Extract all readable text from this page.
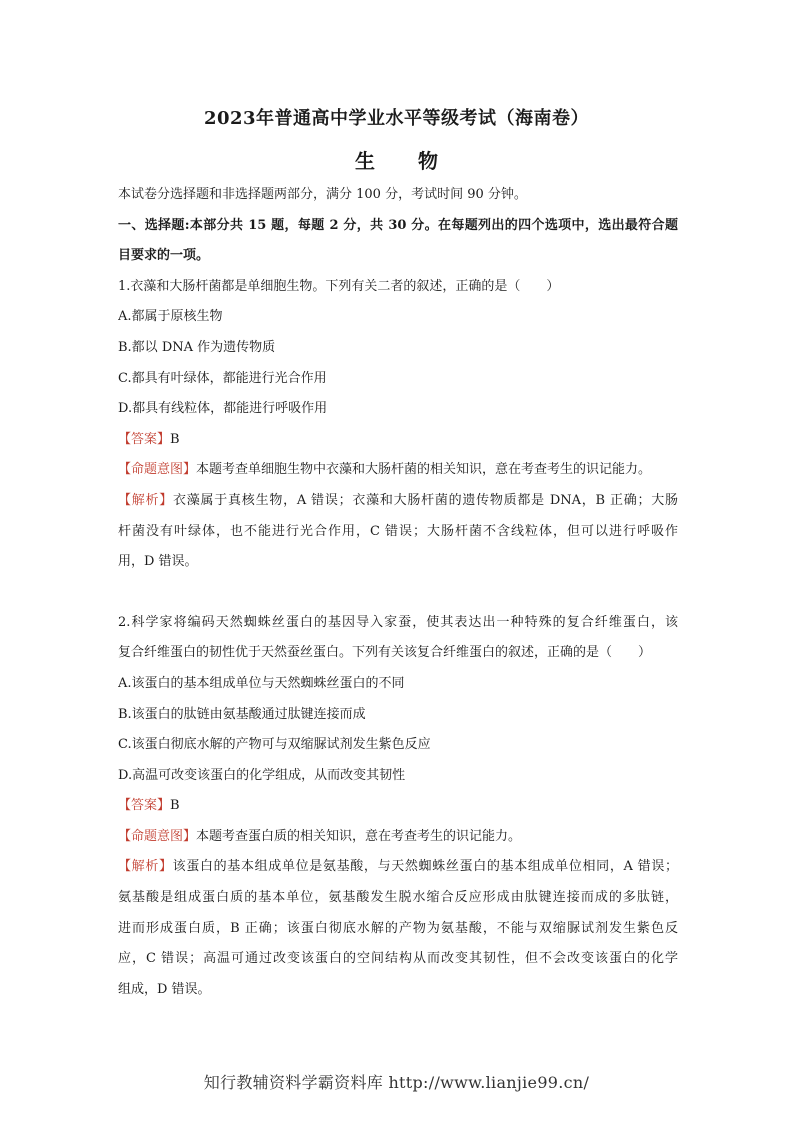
2023年普通高中学业水平等级考试（海南卷）
生 物
本试卷分选择题和非选择题两部分，满分 100 分，考试时间 90 分钟。
一、选择题:本部分共 15 题，每题 2 分，共 30 分。在每题列出的四个选项中，选出最符合题
目要求的一项。
1.衣藻和大肠杆菌都是单细胞生物。下列有关二者的叙述，正确的是（　　）
A.都属于原核生物
B.都以 DNA 作为遗传物质
C.都具有叶绿体，都能进行光合作用
D.都具有线粒体，都能进行呼吸作用
【答案】B
【命题意图】本题考查单细胞生物中衣藻和大肠杆菌的相关知识，意在考查考生的识记能力。
【解析】衣藻属于真核生物，A 错误；衣藻和大肠杆菌的遗传物质都是 DNA，B 正确；大肠
杆菌没有叶绿体，也不能进行光合作用，C 错误；大肠杆菌不含线粒体，但可以进行呼吸作
用，D 错误。
2.科学家将编码天然蜘蛛丝蛋白的基因导入家蚕，使其表达出一种特殊的复合纤维蛋白，该
复合纤维蛋白的韧性优于天然蚕丝蛋白。下列有关该复合纤维蛋白的叙述，正确的是（　　）
A.该蛋白的基本组成单位与天然蜘蛛丝蛋白的不同
B.该蛋白的肽链由氨基酸通过肽键连接而成
C.该蛋白彻底水解的产物可与双缩脲试剂发生紫色反应
D.高温可改变该蛋白的化学组成，从而改变其韧性
【答案】B
【命题意图】本题考查蛋白质的相关知识，意在考查考生的识记能力。
【解析】该蛋白的基本组成单位是氨基酸，与天然蜘蛛丝蛋白的基本组成单位相同，A 错误；
氨基酸是组成蛋白质的基本单位，氨基酸发生脱水缩合反应形成由肽键连接而成的多肽链，
进而形成蛋白质，B 正确；该蛋白彻底水解的产物为氨基酸，不能与双缩脲试剂发生紫色反
应，C 错误；高温可通过改变该蛋白的空间结构从而改变其韧性，但不会改变该蛋白的化学
组成，D 错误。
知行教辅资料学霸资料库 http://www.lianjie99.cn/
